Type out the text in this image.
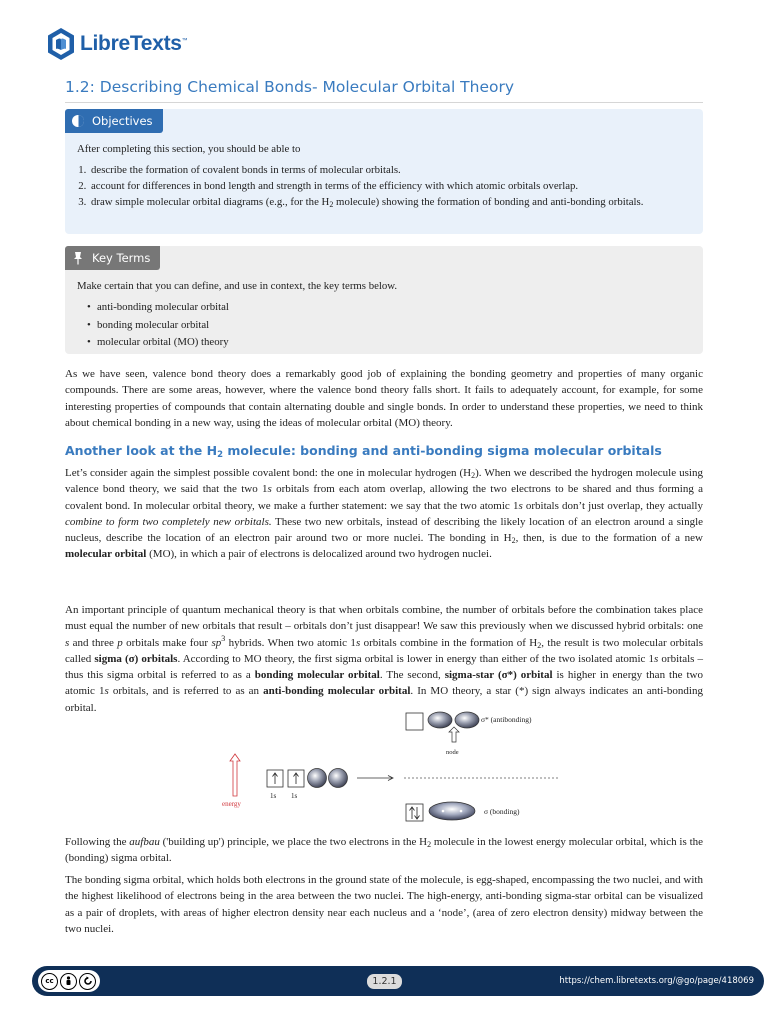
LibreTexts™
1.2: Describing Chemical Bonds- Molecular Orbital Theory
Objectives

After completing this section, you should be able to

1. describe the formation of covalent bonds in terms of molecular orbitals.
2. account for differences in bond length and strength in terms of the efficiency with which atomic orbitals overlap.
3. draw simple molecular orbital diagrams (e.g., for the $H_2$ molecule) showing the formation of bonding and anti-bonding orbitals.
Key Terms

Make certain that you can define, and use in context, the key terms below.

• anti-bonding molecular orbital
• bonding molecular orbital
• molecular orbital (MO) theory

As we have seen, valence bond theory does a remarkably good job of explaining the bonding geometry and properties of many organic compounds. There are some areas, however, where the valence bond theory falls short. It fails to adequately account, for example, for some interesting properties of compounds that contain alternating double and single bonds. In order to understand these properties, we need to think about chemical bonding in a new way, using the ideas of molecular orbital (MO) theory.

Another look at the $H_2$ molecule: bonding and anti-bonding sigma molecular orbitals

Let’s consider again the simplest possible covalent bond: the one in molecular hydrogen $(H_2)$. When we described the hydrogen molecule using valence bond theory, we said that the two 1s orbitals from each atom overlap, allowing the two electrons to be shared and thus forming a covalent bond. In molecular orbital theory, we make a further statement: we say that the two atomic 1s orbitals don’t just overlap, they actually combine to form two completely new orbitals. These two new orbitals, instead of describing the likely location of an electron around a single nucleus, describe the location of an electron pair around two or more nuclei. The bonding in $H_2$, then, is due to the formation of a new molecular orbital (MO), in which a pair of electrons is delocalized around two hydrogen nuclei.

An important principle of quantum mechanical theory is that when orbitals combine, the number of orbitals before the combination takes place must equal the number of new orbitals that result – orbitals don’t just disappear! We saw this previously when we discussed hybrid orbitals: one s and three p orbitals make four $sp^3$ hybrids. When two atomic 1s orbitals combine in the formation of $H_2$, the result is two molecular orbitals called sigma (σ) orbitals. According to MO theory, the first sigma orbital is lower in energy than either of the two isolated atomic 1s orbitals – thus this sigma orbital is referred to as a bonding molecular orbital. The second, sigma-star (σ*) orbital is higher in energy than the two atomic 1s orbitals, and is referred to as an anti-bonding molecular orbital. In MO theory, a star (*) sign always indicates an anti-bonding orbital.

σ* (antibonding)
node
energy
1s 1s
σ (bonding)

Following the aufbau ('building up') principle, we place the two electrons in the $H_2$ molecule in the lowest energy molecular orbital, which is the (bonding) sigma orbital.

The bonding sigma orbital, which holds both electrons in the ground state of the molecule, is egg-shaped, encompassing the two nuclei, and with the highest likelihood of electrons being in the area between the two nuclei. The high-energy, anti-bonding sigma-star orbital can be visualized as a pair of droplets, with areas of higher electron density near each nucleus and a ‘node’, (area of zero electron density) midway between the two nuclei.

cc	1.2.1	https://chem.libretexts.org/@go/page/418069
